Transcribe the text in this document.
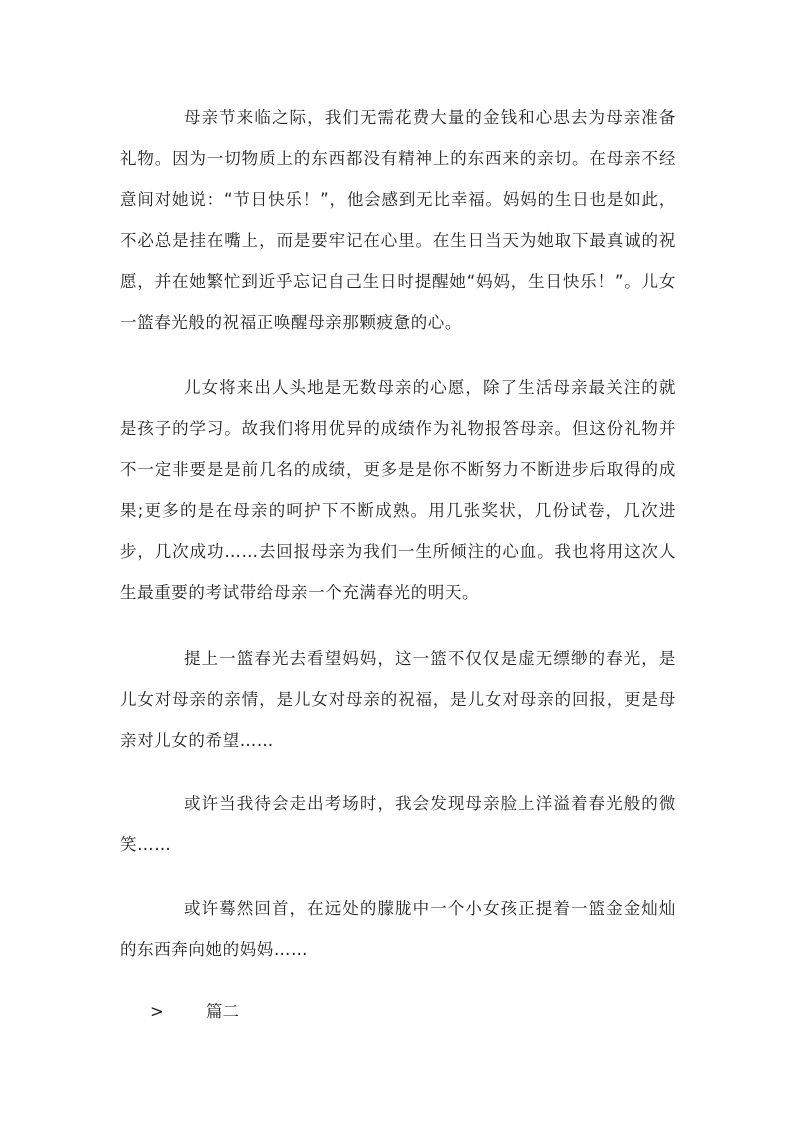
母亲节来临之际，我们无需花费大量的金钱和心思去为母亲准备礼物。因为一切物质上的东西都没有精神上的东西来的亲切。在母亲不经意间对她说：“节日快乐！”，他会感到无比幸福。妈妈的生日也是如此，不必总是挂在嘴上，而是要牢记在心里。在生日当天为她取下最真诚的祝愿，并在她繁忙到近乎忘记自己生日时提醒她“妈妈，生日快乐！”。儿女一篮春光般的祝福正唤醒母亲那颗疲惫的心。

儿女将来出人头地是无数母亲的心愿，除了生活母亲最关注的就是孩子的学习。故我们将用优异的成绩作为礼物报答母亲。但这份礼物并不一定非要是是前几名的成绩，更多是是你不断努力不断进步后取得的成果;更多的是在母亲的呵护下不断成熟。用几张奖状，几份试卷，几次进步，几次成功……去回报母亲为我们一生所倾注的心血。我也将用这次人生最重要的考试带给母亲一个充满春光的明天。

提上一篮春光去看望妈妈，这一篮不仅仅是虚无缥缈的春光，是儿女对母亲的亲情，是儿女对母亲的祝福，是儿女对母亲的回报，更是母亲对儿女的希望……

或许当我待会走出考场时，我会发现母亲脸上洋溢着春光般的微笑……

或许蓦然回首，在远处的朦胧中一个小女孩正提着一篮金金灿灿的东西奔向她的妈妈……

>	篇二
